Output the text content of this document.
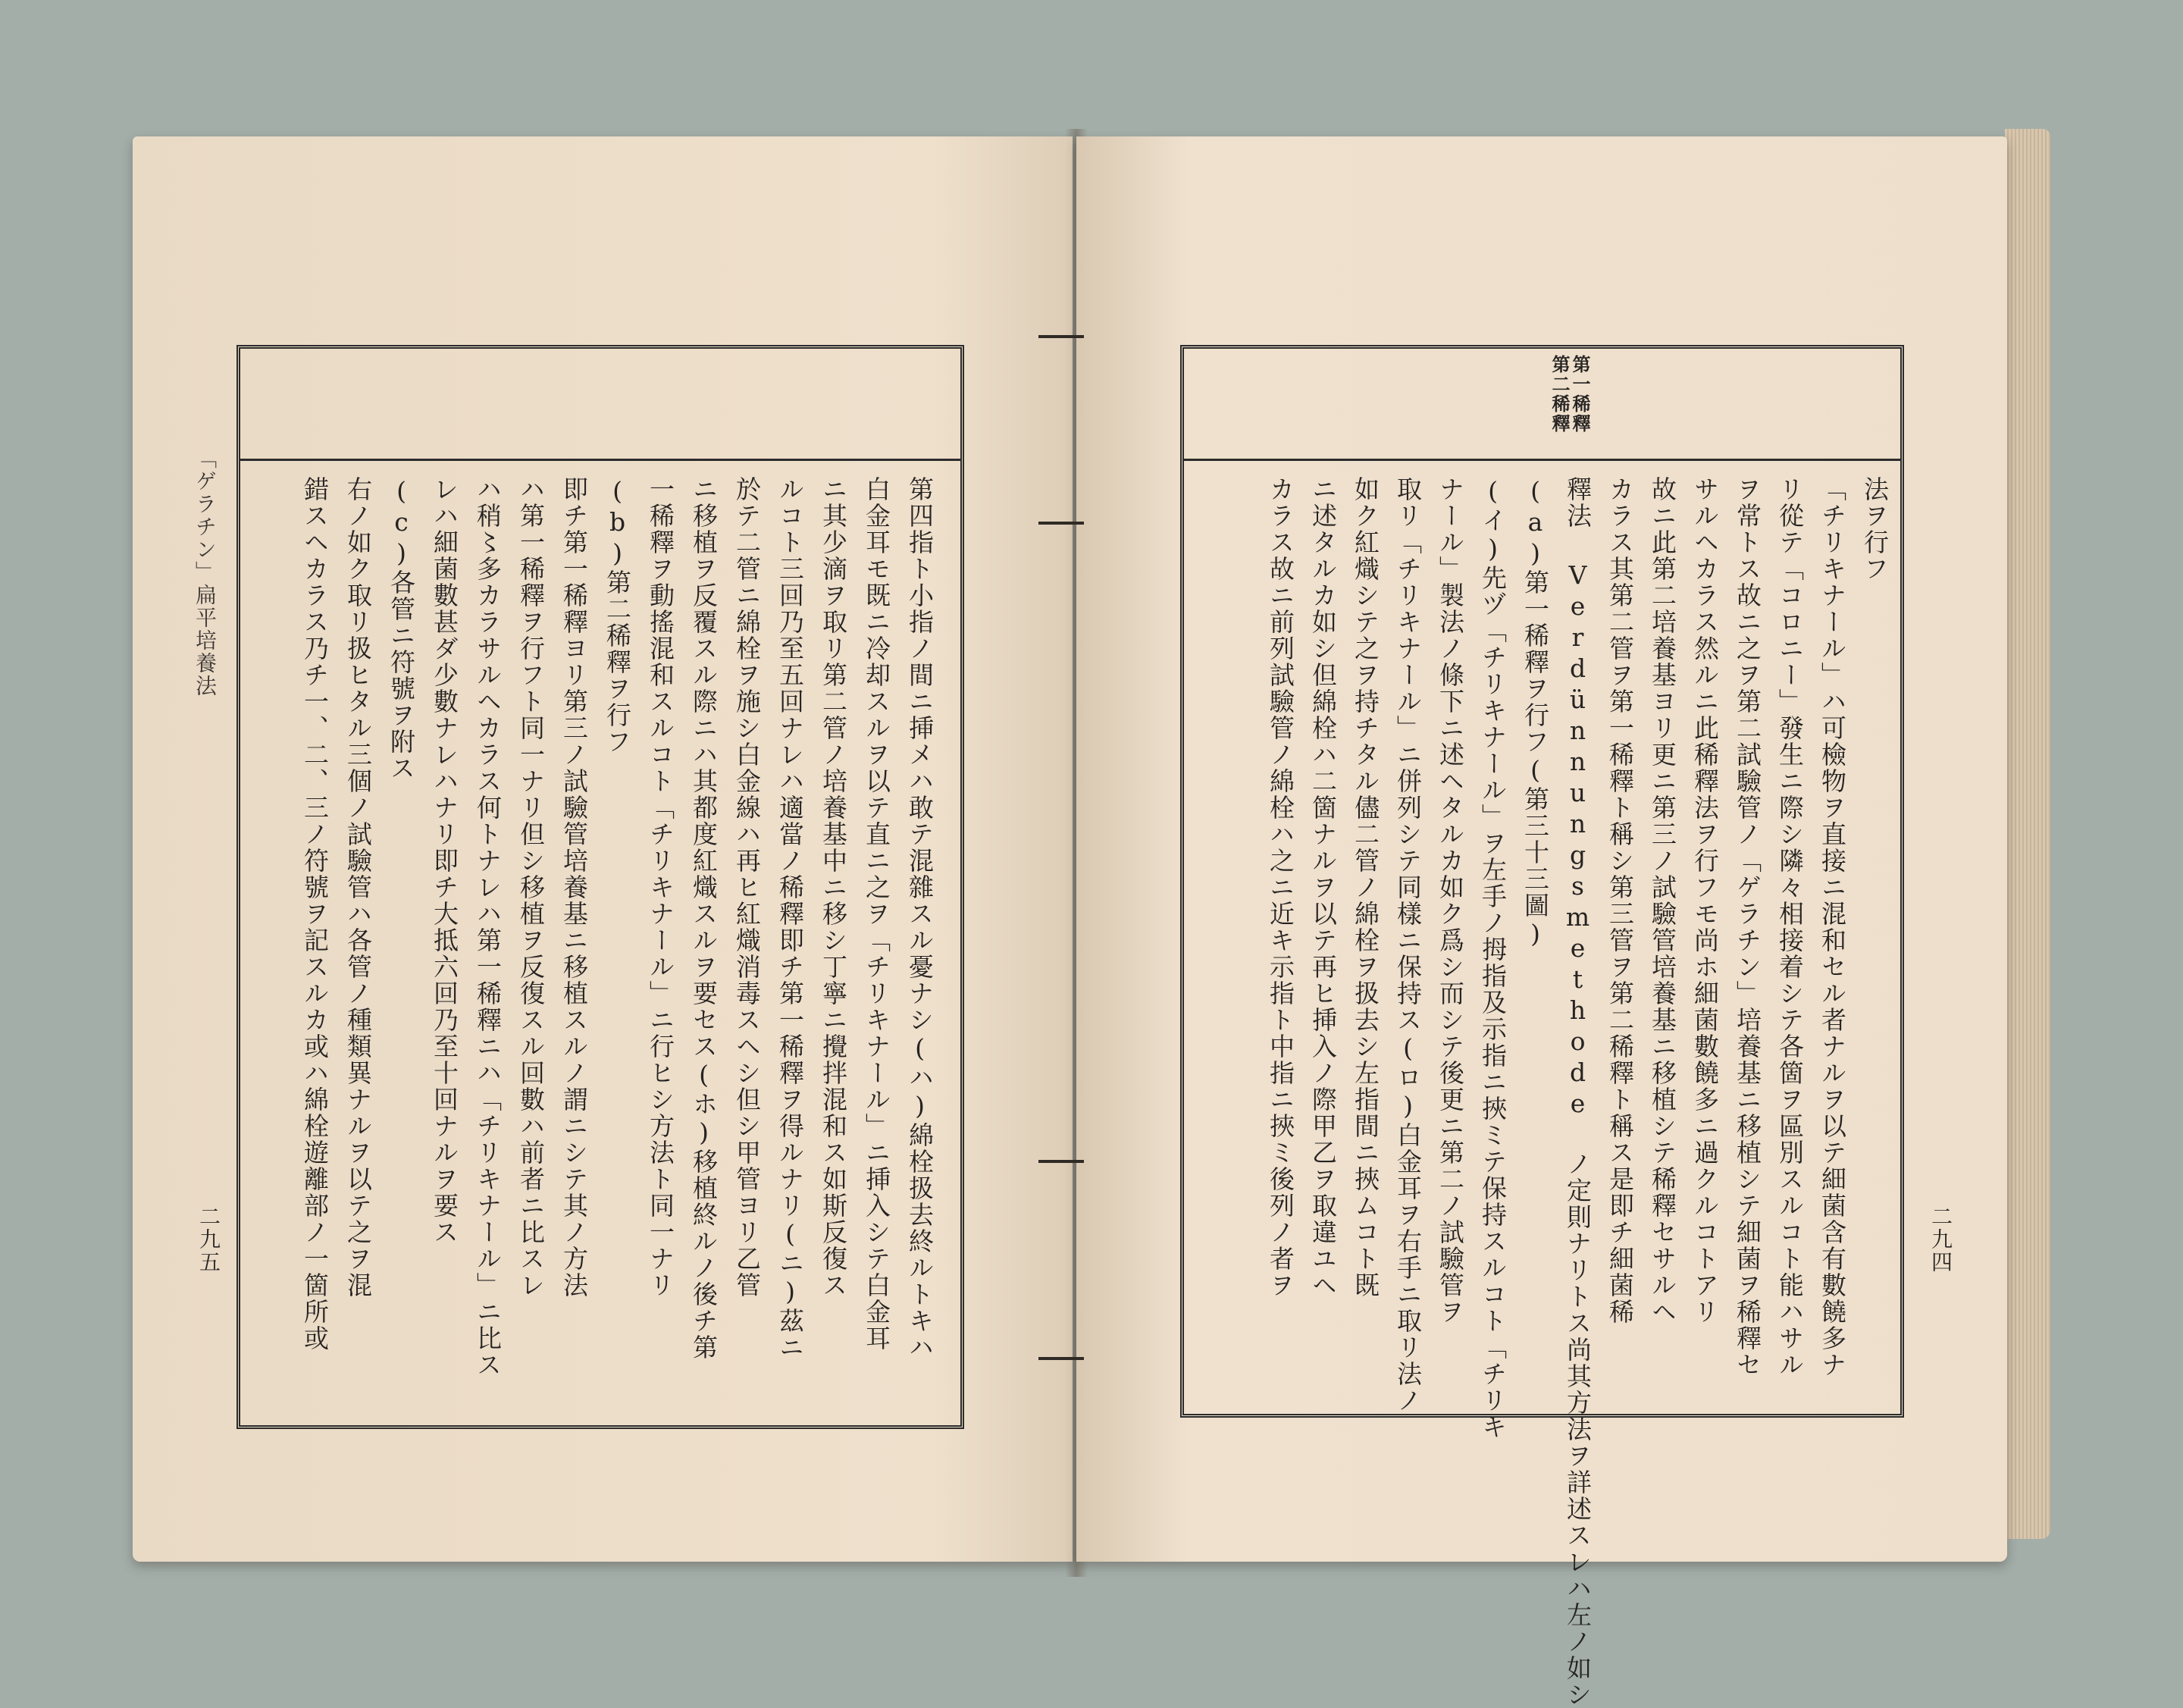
「ゲラチン」扁平培養法
二九五	第四指ト小指ノ間ニ挿メハ敢テ混雜スル憂ナシ(ハ)綿栓扱去終ルトキハ
白金耳モ既ニ冷却スルヲ以テ直ニ之ヲ「チリキナール」ニ挿入シテ白金耳
ニ其少滴ヲ取リ第二管ノ培養基中ニ移シ丁寧ニ攪拌混和ス如斯反復ス
ルコト三回乃至五回ナレハ適當ノ稀釋即チ第一稀釋ヲ得ルナリ(ニ)茲ニ
於テ二管ニ綿栓ヲ施シ白金線ハ再ヒ紅熾消毒スヘシ但シ甲管ヨリ乙管
ニ移植ヲ反覆スル際ニハ其都度紅熾スルヲ要セス(ホ)移植終ルノ後チ第
一稀釋ヲ動搖混和スルコト「チリキナール」ニ行ヒシ方法ト同一ナリ
(b)第二稀釋ヲ行フ
即チ第一稀釋ヨリ第三ノ試驗管培養基ニ移植スルノ謂ニシテ其ノ方法
ハ第一稀釋ヲ行フト同一ナリ但シ移植ヲ反復スル回數ハ前者ニ比スレ
ハ稍〻多カラサルヘカラス何トナレハ第一稀釋ニハ「チリキナール」ニ比ス
レハ細菌數甚ダ少數ナレハナリ即チ大抵六回乃至十回ナルヲ要ス
(c)各管ニ符號ヲ附ス
右ノ如ク取リ扱ヒタル三個ノ試驗管ハ各管ノ種類異ナルヲ以テ之ヲ混
錯スヘカラス乃チ一、二、三ノ符號ヲ記スルカ或ハ綿栓遊離部ノ一箇所或	二九四
第一稀釋
第二稀釋
法ヲ行フ
「チリキナール」ハ可檢物ヲ直接ニ混和セル者ナルヲ以テ細菌含有數饒多ナ
リ從テ「コロニー」發生ニ際シ隣々相接着シテ各箇ヲ區別スルコト能ハサル
ヲ常トス故ニ之ヲ第二試驗管ノ「ゲラチン」培養基ニ移植シテ細菌ヲ稀釋セ
サルヘカラス然ルニ此稀釋法ヲ行フモ尚ホ細菌數饒多ニ過クルコトアリ
故ニ此第二培養基ヨリ更ニ第三ノ試驗管培養基ニ移植シテ稀釋セサルヘ
カラス其第二管ヲ第一稀釋ト稱シ第三管ヲ第二稀釋ト稱ス是即チ細菌稀
釋法 Verdünnungsmethode ノ定則ナリトス尚其方法ヲ詳述スレハ左ノ如シ
(a)第一稀釋ヲ行フ(第三十三圖)
(イ)先ヅ「チリキナール」ヲ左手ノ拇指及示指ニ挾ミテ保持スルコト「チリキ
ナール」製法ノ條下ニ述ヘタルカ如ク爲シ而シテ後更ニ第二ノ試驗管ヲ
取リ「チリキナール」ニ併列シテ同樣ニ保持ス(ロ)白金耳ヲ右手ニ取リ法ノ
如ク紅熾シテ之ヲ持チタル儘二管ノ綿栓ヲ扱去シ左指間ニ挾ムコト既
ニ述タルカ如シ但綿栓ハ二箇ナルヲ以テ再ヒ挿入ノ際甲乙ヲ取違ユヘ
カラス故ニ前列試驗管ノ綿栓ハ之ニ近キ示指ト中指ニ挾ミ後列ノ者ヲ
